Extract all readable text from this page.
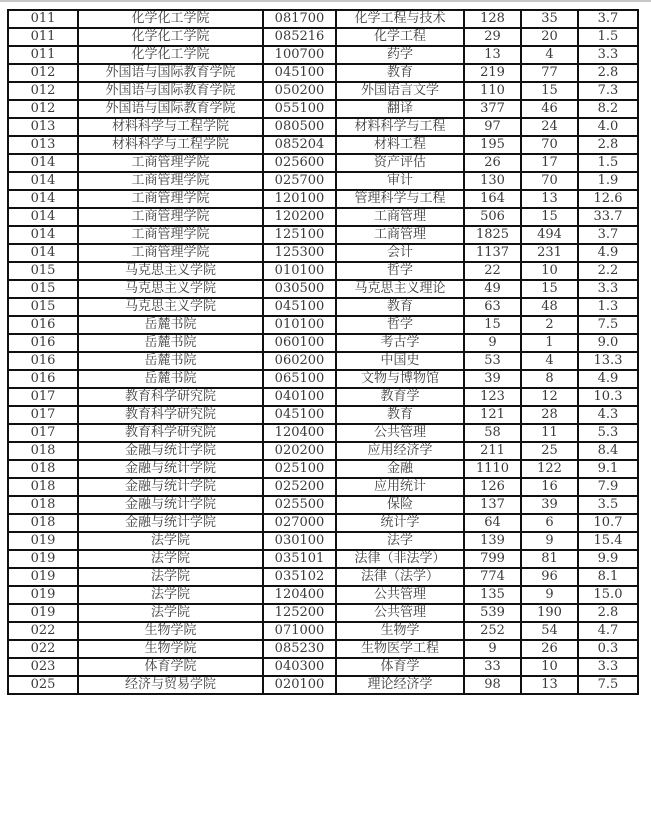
011	化学化工学院	081700	化学工程与技术	128	35	3.7
011	化学化工学院	085216	化学工程	29	20	1.5
011	化学化工学院	100700	药学	13	4	3.3
012	外国语与国际教育学院	045100	教育	219	77	2.8
012	外国语与国际教育学院	050200	外国语言文学	110	15	7.3
012	外国语与国际教育学院	055100	翻译	377	46	8.2
013	材料科学与工程学院	080500	材料科学与工程	97	24	4.0
013	材料科学与工程学院	085204	材料工程	195	70	2.8
014	工商管理学院	025600	资产评估	26	17	1.5
014	工商管理学院	025700	审计	130	70	1.9
014	工商管理学院	120100	管理科学与工程	164	13	12.6
014	工商管理学院	120200	工商管理	506	15	33.7
014	工商管理学院	125100	工商管理	1825	494	3.7
014	工商管理学院	125300	会计	1137	231	4.9
015	马克思主义学院	010100	哲学	22	10	2.2
015	马克思主义学院	030500	马克思主义理论	49	15	3.3
015	马克思主义学院	045100	教育	63	48	1.3
016	岳麓书院	010100	哲学	15	2	7.5
016	岳麓书院	060100	考古学	9	1	9.0
016	岳麓书院	060200	中国史	53	4	13.3
016	岳麓书院	065100	文物与博物馆	39	8	4.9
017	教育科学研究院	040100	教育学	123	12	10.3
017	教育科学研究院	045100	教育	121	28	4.3
017	教育科学研究院	120400	公共管理	58	11	5.3
018	金融与统计学院	020200	应用经济学	211	25	8.4
018	金融与统计学院	025100	金融	1110	122	9.1
018	金融与统计学院	025200	应用统计	126	16	7.9
018	金融与统计学院	025500	保险	137	39	3.5
018	金融与统计学院	027000	统计学	64	6	10.7
019	法学院	030100	法学	139	9	15.4
019	法学院	035101	法律（非法学）	799	81	9.9
019	法学院	035102	法律（法学）	774	96	8.1
019	法学院	120400	公共管理	135	9	15.0
019	法学院	125200	公共管理	539	190	2.8
022	生物学院	071000	生物学	252	54	4.7
022	生物学院	085230	生物医学工程	9	26	0.3
023	体育学院	040300	体育学	33	10	3.3
025	经济与贸易学院	020100	理论经济学	98	13	7.5
